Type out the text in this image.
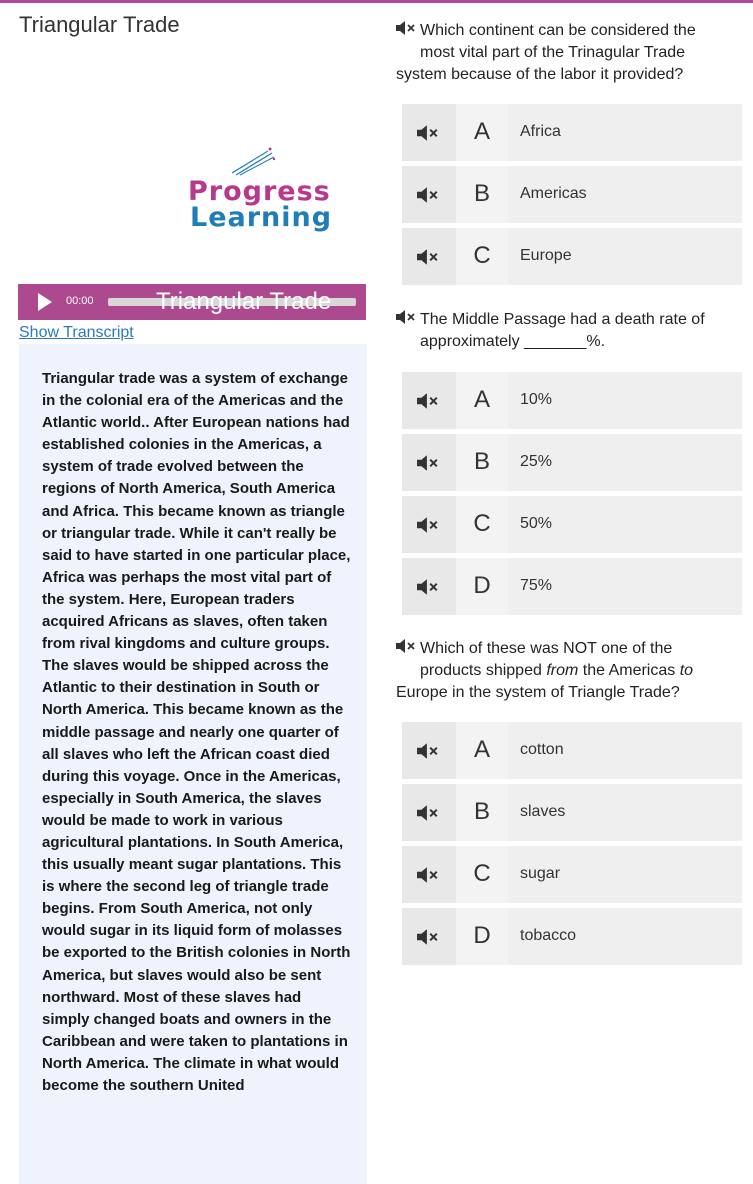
Triangular Trade
Progress
Learning
00:00	Triangular Trade
Show Transcript
Triangular trade was a system of exchange in the colonial era of the Americas and the Atlantic world.. After European nations had established colonies in the Americas, a system of trade evolved between the regions of North America, South America and Africa. This became known as triangle or triangular trade. While it can't really be said to have started in one particular place, Africa was perhaps the most vital part of the system. Here, European traders acquired Africans as slaves, often taken from rival kingdoms and culture groups. The slaves would be shipped across the Atlantic to their destination in South or North America. This became known as the middle passage and nearly one quarter of all slaves who left the African coast died during this voyage. Once in the Americas, especially in South America, the slaves would be made to work in various agricultural plantations. In South America, this usually meant sugar plantations. This is where the second leg of triangle trade begins. From South America, not only would sugar in its liquid form of molasses be exported to the British colonies in North America, but slaves would also be sent northward. Most of these slaves had simply changed boats and owners in the Caribbean and were taken to plantations in North America. The climate in what would become the southern United
Which continent can be considered the
most vital part of the Trinagular Trade
system because of the labor it provided?
A	Africa
B	Americas
C	Europe
The Middle Passage had a death rate of
approximately _______%.
A	10%
B	25%
C	50%
D	75%
Which of these was NOT one of the
products shipped from the Americas to
Europe in the system of Triangle Trade?
A	cotton
B	slaves
C	sugar
D	tobacco
